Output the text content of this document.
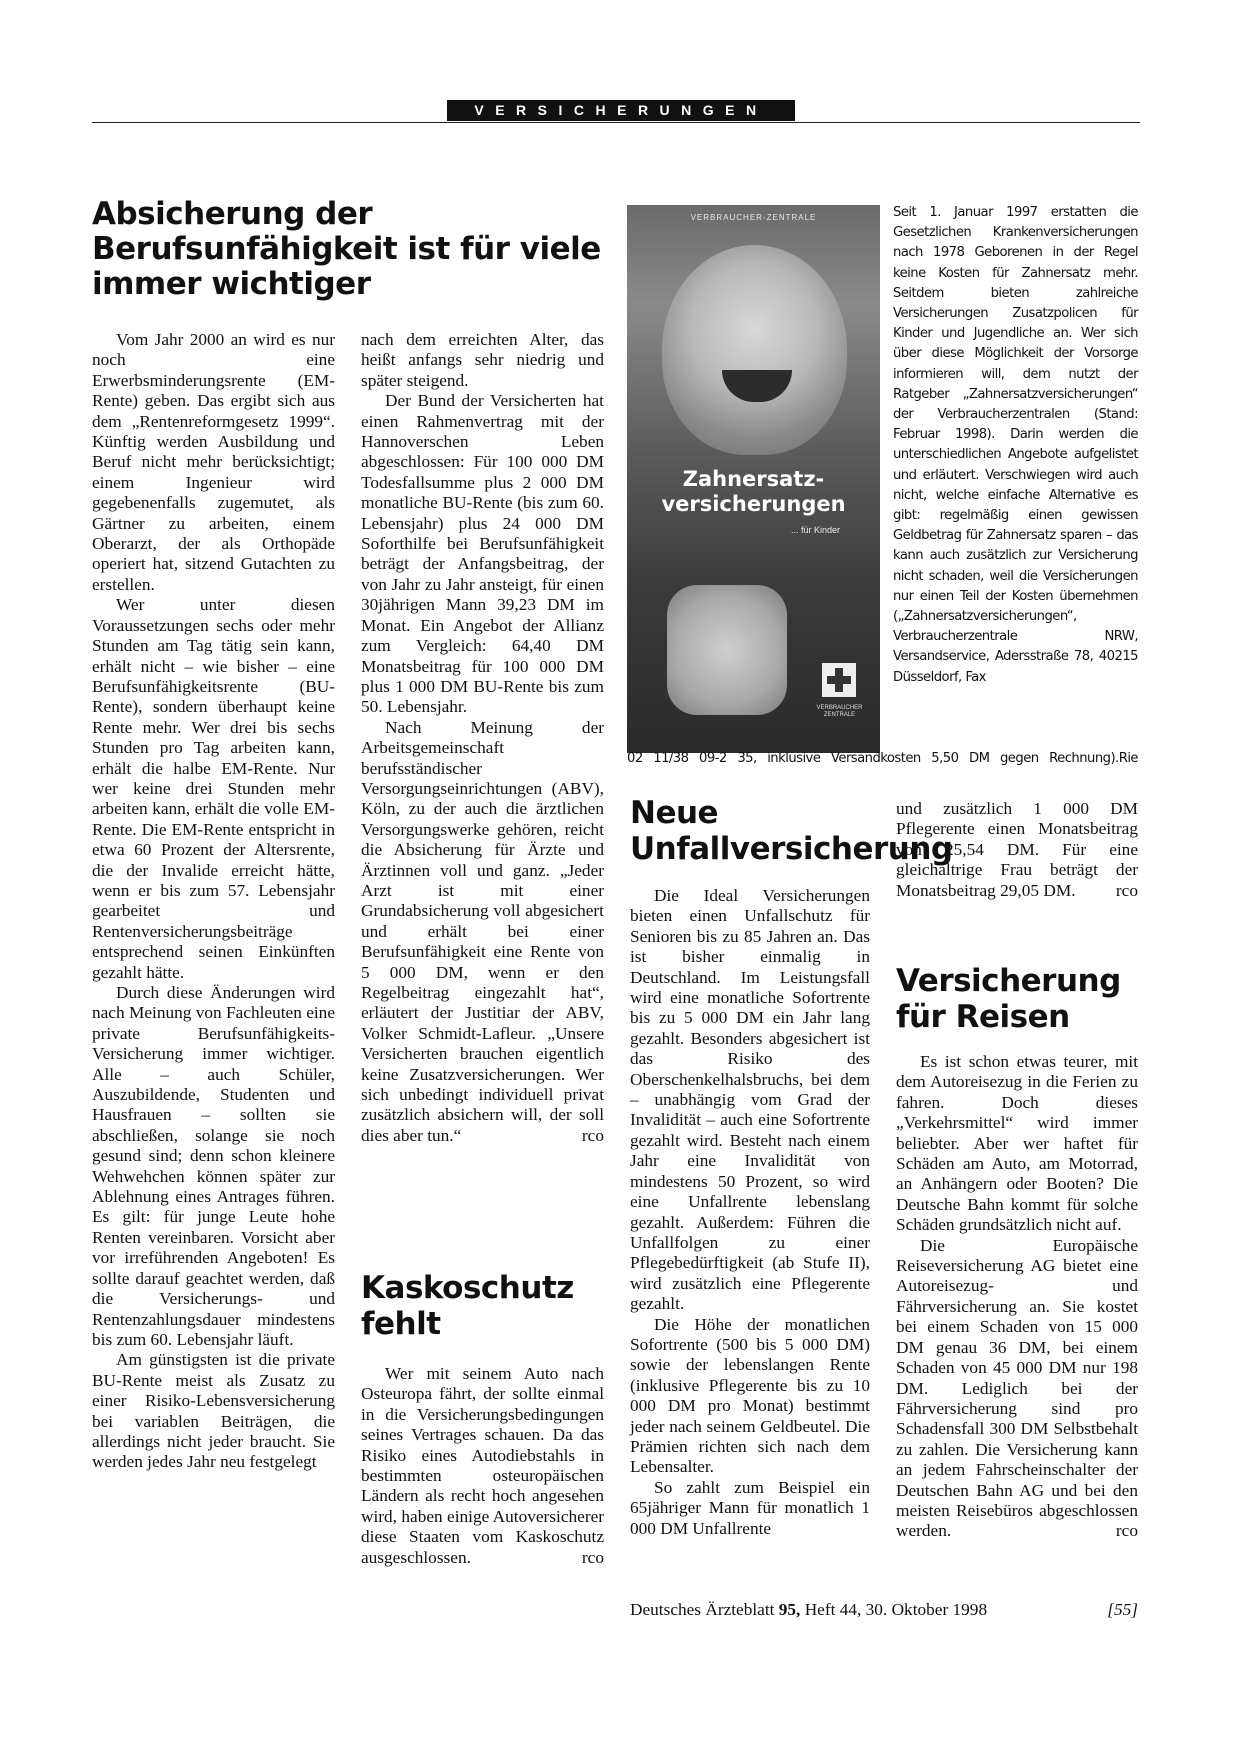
VERSICHERUNGEN
Absicherung der Berufsunfähigkeit ist für viele immer wichtiger

Vom Jahr 2000 an wird es nur noch eine Erwerbsminderungsrente (EM-Rente) geben. Das ergibt sich aus dem „Rentenreformgesetz 1999“. Künftig werden Ausbildung und Beruf nicht mehr berücksichtigt; einem Ingenieur wird gegebenenfalls zugemutet, als Gärtner zu arbeiten, einem Oberarzt, der als Orthopäde operiert hat, sitzend Gutachten zu erstellen.

Wer unter diesen Voraussetzungen sechs oder mehr Stunden am Tag tätig sein kann, erhält nicht – wie bisher – eine Berufsunfähigkeitsrente (BU-Rente), sondern überhaupt keine Rente mehr. Wer drei bis sechs Stunden pro Tag arbeiten kann, erhält die halbe EM-Rente. Nur wer keine drei Stunden mehr arbeiten kann, erhält die volle EM-Rente. Die EM-Rente entspricht in etwa 60 Prozent der Altersrente, die der Invalide erreicht hätte, wenn er bis zum 57. Lebensjahr gearbeitet und Rentenversicherungsbeiträge entsprechend seinen Einkünften gezahlt hätte.

Durch diese Änderungen wird nach Meinung von Fachleuten eine private Berufsunfähigkeits-Versicherung immer wichtiger. Alle – auch Schüler, Auszubildende, Studenten und Hausfrauen – sollten sie abschließen, solange sie noch gesund sind; denn schon kleinere Wehwehchen können später zur Ablehnung eines Antrages führen. Es gilt: für junge Leute hohe Renten vereinbaren. Vorsicht aber vor irreführenden Angeboten! Es sollte darauf geachtet werden, daß die Versicherungs- und Rentenzahlungsdauer mindestens bis zum 60. Lebensjahr läuft.

Am günstigsten ist die private BU-Rente meist als Zusatz zu einer Risiko-Lebensversicherung bei variablen Beiträgen, die allerdings nicht jeder braucht. Sie werden jedes Jahr neu festgelegt

nach dem erreichten Alter, das heißt anfangs sehr niedrig und später steigend.

Der Bund der Versicherten hat einen Rahmenvertrag mit der Hannoverschen Leben abgeschlossen: Für 100 000 DM Todesfallsumme plus 2 000 DM monatliche BU-Rente (bis zum 60. Lebensjahr) plus 24 000 DM Soforthilfe bei Berufsunfähigkeit beträgt der Anfangsbeitrag, der von Jahr zu Jahr ansteigt, für einen 30jährigen Mann 39,23 DM im Monat. Ein Angebot der Allianz zum Vergleich: 64,40 DM Monatsbeitrag für 100 000 DM plus 1 000 DM BU-Rente bis zum 50. Lebensjahr.

Nach Meinung der Arbeitsgemeinschaft berufsständischer Versorgungseinrichtungen (ABV), Köln, zu der auch die ärztlichen Versorgungswerke gehören, reicht die Absicherung für Ärzte und Ärztinnen voll und ganz. „Jeder Arzt ist mit einer Grundabsicherung voll abgesichert und erhält bei einer Berufsunfähigkeit eine Rente von 5 000 DM, wenn er den Regelbeitrag eingezahlt hat“, erläutert der Justitiar der ABV, Volker Schmidt-Lafleur. „Unsere Versicherten brauchen eigentlich keine Zusatzversicherungen. Wer sich unbedingt individuell privat zusätzlich absichern will, der soll dies aber tun.“	rco

Kaskoschutz fehlt

Wer mit seinem Auto nach Osteuropa fährt, der sollte einmal in die Versicherungsbedingungen seines Vertrages schauen. Da das Risiko eines Autodiebstahls in bestimmten osteuropäischen Ländern als recht hoch angesehen wird, haben einige Autoversicherer diese Staaten vom Kaskoschutz ausgeschlossen.	rco

VERBRAUCHER-ZENTRALE
Zahnersatz-
versicherungen
... für Kinder
VERBRAUCHER ZENTRALE
Seit 1. Januar 1997 erstatten die Gesetzlichen Krankenversicherungen nach 1978 Geborenen in der Regel keine Kosten für Zahnersatz mehr. Seitdem bieten zahlreiche Versicherungen Zusatzpolicen für Kinder und Jugendliche an. Wer sich über diese Möglichkeit der Vorsorge informieren will, dem nutzt der Ratgeber „Zahnersatzversicherungen“ der Verbraucherzentralen (Stand: Februar 1998). Darin werden die unterschiedlichen Angebote aufgelistet und erläutert. Verschwiegen wird auch nicht, welche einfache Alternative es gibt: regelmäßig einen gewissen Geldbetrag für Zahnersatz sparen – das kann auch zusätzlich zur Versicherung nicht schaden, weil die Versicherungen nur einen Teil der Kosten übernehmen („Zahnersatzversicherungen“, Verbraucherzentrale NRW, Versandservice, Adersstraße 78, 40215 Düsseldorf, Fax
02 11/38 09-2 35, inklusive Versandkosten 5,50 DM gegen Rechnung). Rie
Neue Unfallversicherung

Die Ideal Versicherungen bieten einen Unfallschutz für Senioren bis zu 85 Jahren an. Das ist bisher einmalig in Deutschland. Im Leistungsfall wird eine monatliche Sofortrente bis zu 5 000 DM ein Jahr lang gezahlt. Besonders abgesichert ist das Risiko des Oberschenkelhalsbruchs, bei dem – unabhängig vom Grad der Invalidität – auch eine Sofortrente gezahlt wird. Besteht nach einem Jahr eine Invalidität von mindestens 50 Prozent, so wird eine Unfallrente lebenslang gezahlt. Außerdem: Führen die Unfallfolgen zu einer Pflegebedürftigkeit (ab Stufe II), wird zusätzlich eine Pflegerente gezahlt.

Die Höhe der monatlichen Sofortrente (500 bis 5 000 DM) sowie der lebenslangen Rente (inklusive Pflegerente bis zu 10 000 DM pro Monat) bestimmt jeder nach seinem Geldbeutel. Die Prämien richten sich nach dem Lebensalter.

So zahlt zum Beispiel ein 65jähriger Mann für monatlich 1 000 DM Unfallrente

und zusätzlich 1 000 DM Pflegerente einen Monatsbeitrag von 25,54 DM. Für eine gleichaltrige Frau beträgt der Monatsbeitrag 29,05 DM. rco

Versicherung für Reisen

Es ist schon etwas teurer, mit dem Autoreisezug in die Ferien zu fahren. Doch dieses „Verkehrsmittel“ wird immer beliebter. Aber wer haftet für Schäden am Auto, am Motorrad, an Anhängern oder Booten? Die Deutsche Bahn kommt für solche Schäden grundsätzlich nicht auf.

Die Europäische Reiseversicherung AG bietet eine Autoreisezug- und Fährversicherung an. Sie kostet bei einem Schaden von 15 000 DM genau 36 DM, bei einem Schaden von 45 000 DM nur 198 DM. Lediglich bei der Fährversicherung sind pro Schadensfall 300 DM Selbstbehalt zu zahlen. Die Versicherung kann an jedem Fahrscheinschalter der Deutschen Bahn AG und bei den meisten Reisebüros abgeschlossen werden.	rco

Deutsches Ärzteblatt 95, Heft 44, 30. Oktober 1998	[55]
